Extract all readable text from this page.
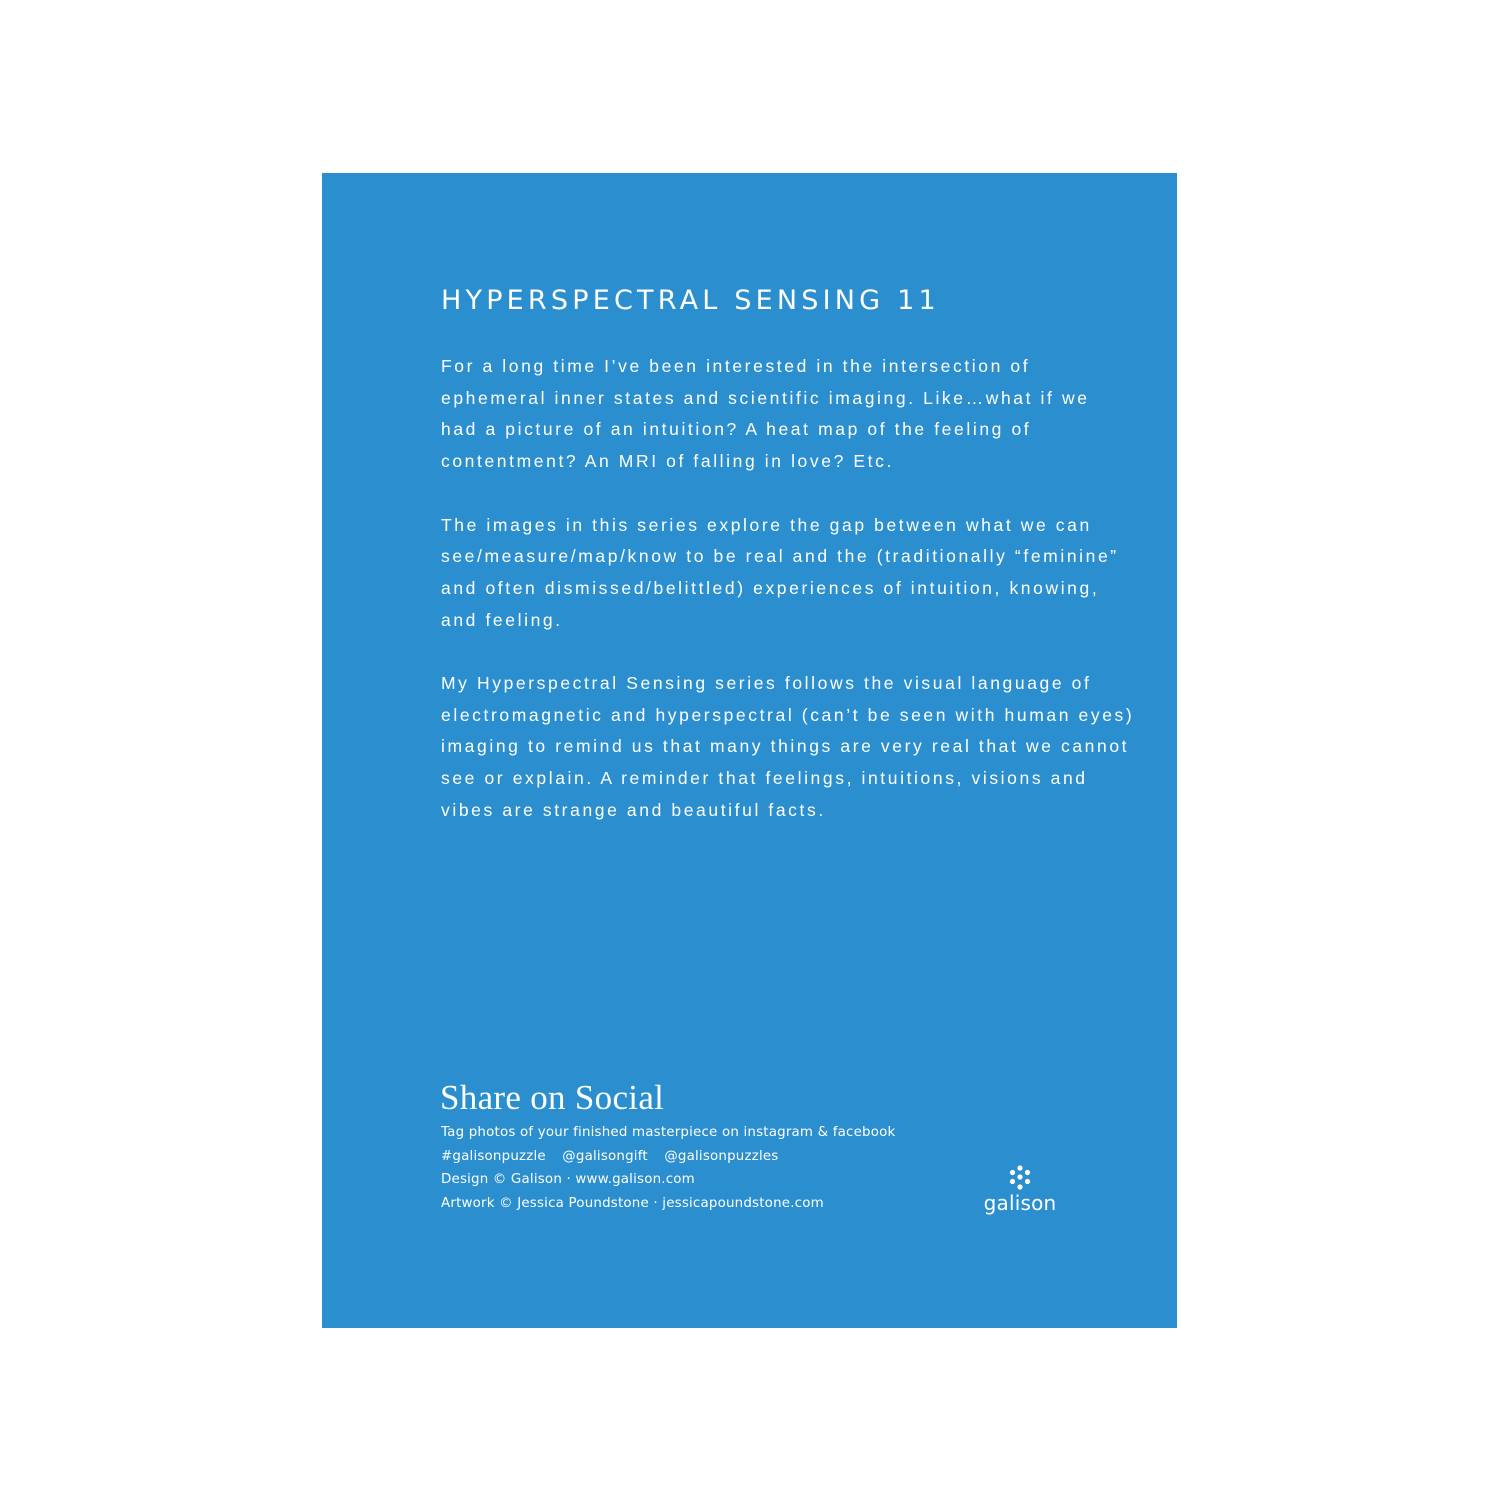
HYPERSPECTRAL SENSING 11

For a long time I’ve been interested in the intersection of
ephemeral inner states and scientific imaging. Like…what if we
had a picture of an intuition? A heat map of the feeling of
contentment? An MRI of falling in love? Etc.

The images in this series explore the gap between what we can
see/measure/map/know to be real and the (traditionally “feminine”
and often dismissed/belittled) experiences of intuition, knowing,
and feeling.

My Hyperspectral Sensing series follows the visual language of
electromagnetic and hyperspectral (can’t be seen with human eyes)
imaging to remind us that many things are very real that we cannot
see or explain. A reminder that feelings, intuitions, visions and
vibes are strange and beautiful facts.

Share on Social
Tag photos of your finished masterpiece on instagram & facebook
#galisonpuzzle @galisongift @galisonpuzzles
Design © Galison · www.galison.com
Artwork © Jessica Poundstone · jessicapoundstone.com	galison
